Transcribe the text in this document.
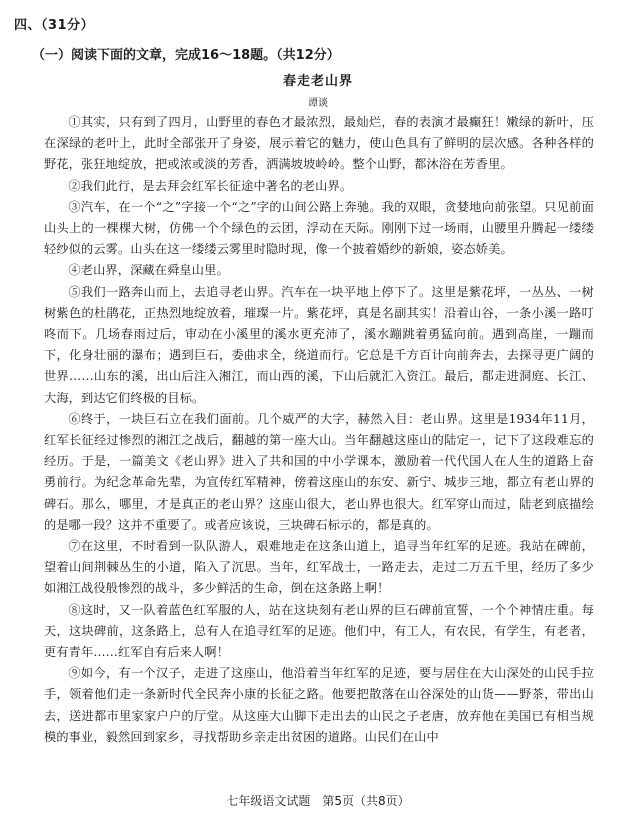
四、（31分）
（一）阅读下面的文章，完成16～18题。（共12分）
春走老山界
谭谈

①其实，只有到了四月，山野里的春色才最浓烈，最灿烂，春的表演才最癫狂！嫩绿的新叶，压在深绿的老叶上，此时全部张开了身姿，展示着它的魅力，使山色具有了鲜明的层次感。各种各样的野花，张狂地绽放，把或浓或淡的芳香，洒满坡坡岭岭。整个山野，都沐浴在芳香里。

②我们此行，是去拜会红军长征途中著名的老山界。

③汽车，在一个“之”字接一个“之”字的山间公路上奔驰。我的双眼，贪婪地向前张望。只见前面山头上的一棵棵大树，仿佛一个个绿色的云团，浮动在天际。刚刚下过一场雨，山腰里升腾起一缕缕轻纱似的云雾。山头在这一缕缕云雾里时隐时现，像一个披着婚纱的新娘，姿态娇美。

④老山界，深藏在舜皇山里。

⑤我们一路奔山而上，去追寻老山界。汽车在一块平地上停下了。这里是紫花坪，一丛丛、一树树紫色的杜鹃花，正热烈地绽放着，璀璨一片。紫花坪，真是名副其实！沿着山谷，一条小溪一路叮咚而下。几场春雨过后，审动在小溪里的溪水更充沛了，溪水蹦跳着勇猛向前。遇到高崖，一蹦而下，化身壮丽的瀑布；遇到巨石，委曲求全，绕道而行。它总是千方百计向前奔去，去探寻更广阔的世界……山东的溪，出山后注入湘江，而山西的溪，下山后就汇入资江。最后，都走进洞庭、长江、大海，到达它们终极的目标。

⑥终于，一块巨石立在我们面前。几个威严的大字，赫然入目：老山界。这里是1934年11月，红军长征经过惨烈的湘江之战后，翻越的第一座大山。当年翻越这座山的陆定一，记下了这段难忘的经历。于是，一篇美文《老山界》进入了共和国的中小学课本，激励着一代代国人在人生的道路上奋勇前行。为纪念革命先辈，为宣传红军精神，傍着这座山的东安、新宁、城步三地，都立有老山界的碑石。那么，哪里，才是真正的老山界？这座山很大，老山界也很大。红军穿山而过，陆老到底描绘的是哪一段？这并不重要了。或者应该说，三块碑石标示的，都是真的。

⑦在这里，不时看到一队队游人，艰难地走在这条山道上，追寻当年红军的足迹。我站在碑前，望着山间荆棘丛生的小道，陷入了沉思。当年，红军战士，一路走去，走过二万五千里，经历了多少如湘江战役般惨烈的战斗，多少鲜活的生命，倒在这条路上啊！

⑧这时，又一队着蓝色红军服的人，站在这块刻有老山界的巨石碑前宣誓，一个个神情庄重。每天，这块碑前，这条路上，总有人在追寻红军的足迹。他们中，有工人，有农民，有学生，有老者，更有青年……红军自有后来人啊！

⑨如今，有一个汉子，走进了这座山，他沿着当年红军的足迹，要与居住在大山深处的山民手拉手，领着他们走一条新时代全民奔小康的长征之路。他要把散落在山谷深处的山货——野茶，带出山去，送进都市里家家户户的厅堂。从这座大山脚下走出去的山民之子老唐，放弃他在美国已有相当规模的事业，毅然回到家乡，寻找帮助乡亲走出贫困的道路。山民们在山中

七年级语文试题　第5页（共8页）
